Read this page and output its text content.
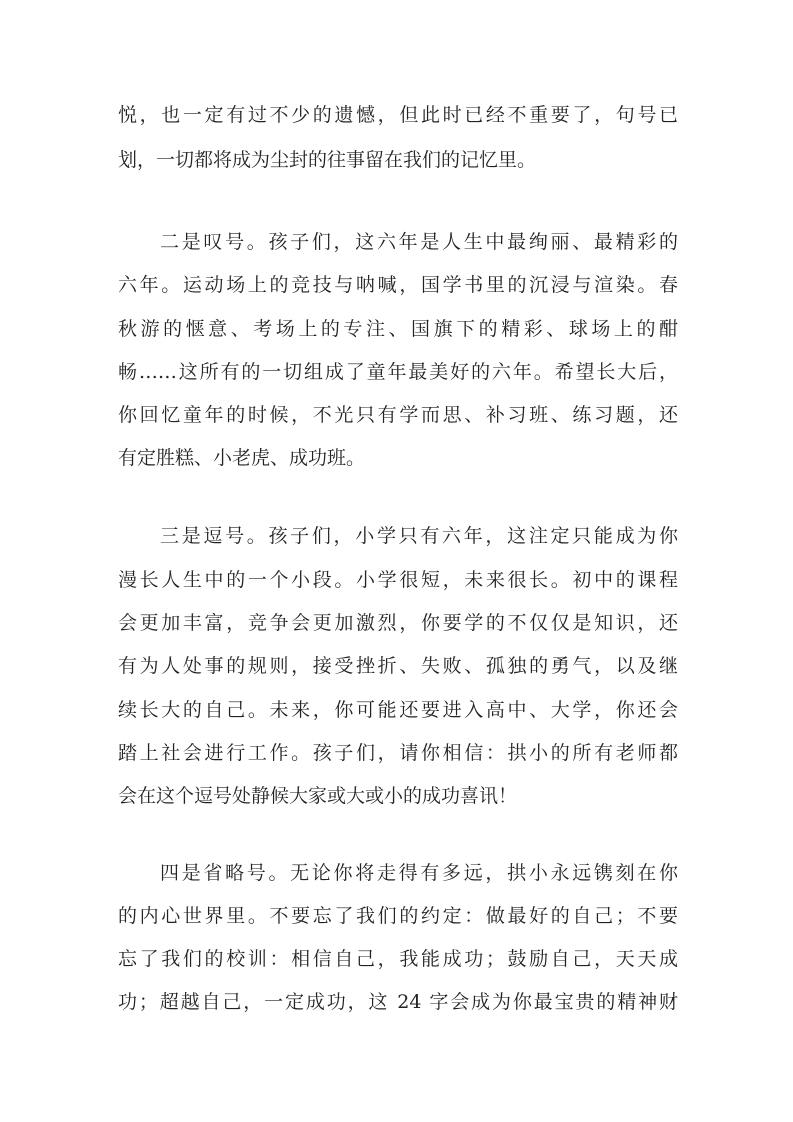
悦，也一定有过不少的遗憾，但此时已经不重要了，句号已
划，一切都将成为尘封的往事留在我们的记忆里。
二是叹号。孩子们，这六年是人生中最绚丽、最精彩的
六年。运动场上的竞技与呐喊，国学书里的沉浸与渲染。春
秋游的惬意、考场上的专注、国旗下的精彩、球场上的酣
畅……这所有的一切组成了童年最美好的六年。希望长大后，
你回忆童年的时候，不光只有学而思、补习班、练习题，还
有定胜糕、小老虎、成功班。
三是逗号。孩子们，小学只有六年，这注定只能成为你
漫长人生中的一个小段。小学很短，未来很长。初中的课程
会更加丰富，竞争会更加激烈，你要学的不仅仅是知识，还
有为人处事的规则，接受挫折、失败、孤独的勇气，以及继
续长大的自己。未来，你可能还要进入高中、大学，你还会
踏上社会进行工作。孩子们，请你相信：拱小的所有老师都
会在这个逗号处静候大家或大或小的成功喜讯！
四是省略号。无论你将走得有多远，拱小永远镌刻在你
的内心世界里。不要忘了我们的约定：做最好的自己；不要
忘了我们的校训：相信自己，我能成功；鼓励自己，天天成
功；超越自己，一定成功，这 24 字会成为你最宝贵的精神财
